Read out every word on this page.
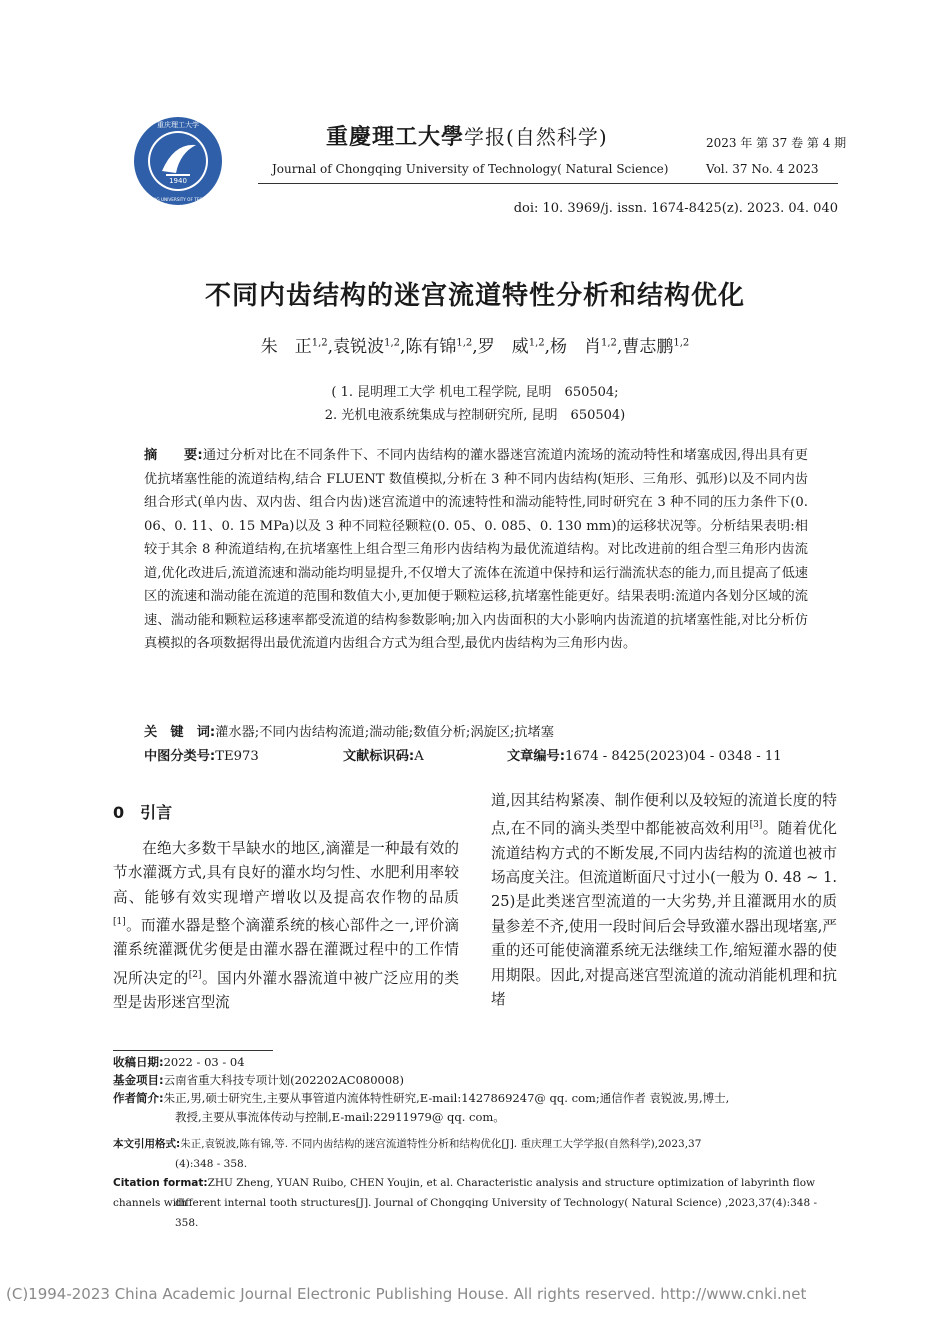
1940
重庆理工大学
CHONGQING UNIVERSITY OF TECHNOLOGY
重慶理工大學学报(自然科学)
Journal of Chongqing University of Technology( Natural Science)
2023 年 第 37 卷 第 4 期
Vol. 37 No. 4 2023
doi: 10. 3969/j. issn. 1674-8425(z). 2023. 04. 040
不同内齿结构的迷宫流道特性分析和结构优化
朱　正$^{1,2}$,袁锐波$^{1,2}$,陈有锦$^{1,2}$,罗　威$^{1,2}$,杨　肖$^{1,2}$,曹志鹏$^{1,2}$
( 1. 昆明理工大学 机电工程学院, 昆明　650504;
2. 光机电液系统集成与控制研究所, 昆明　650504)
摘　　要:通过分析对比在不同条件下、不同内齿结构的灌水器迷宫流道内流场的流动特性和堵塞成因,得出具有更优抗堵塞性能的流道结构,结合 FLUENT 数值模拟,分析在 3 种不同内齿结构(矩形、三角形、弧形)以及不同内齿组合形式(单内齿、双内齿、组合内齿)迷宫流道中的流速特性和湍动能特性,同时研究在 3 种不同的压力条件下(0. 06、0. 11、0. 15 MPa)以及 3 种不同粒径颗粒(0. 05、0. 085、0. 130 mm)的运移状况等。分析结果表明:相较于其余 8 种流道结构,在抗堵塞性上组合型三角形内齿结构为最优流道结构。对比改进前的组合型三角形内齿流道,优化改进后,流道流速和湍动能均明显提升,不仅增大了流体在流道中保持和运行湍流状态的能力,而且提高了低速区的流速和湍动能在流道的范围和数值大小,更加便于颗粒运移,抗堵塞性能更好。结果表明:流道内各划分区域的流速、湍动能和颗粒运移速率都受流道的结构参数影响;加入内齿面积的大小影响内齿流道的抗堵塞性能,对比分析仿真模拟的各项数据得出最优流道内齿组合方式为组合型,最优内齿结构为三角形内齿。
关　键　词:灌水器;不同内齿结构流道;湍动能;数值分析;涡旋区;抗堵塞
中图分类号:TE973	文献标识码:A	文章编号:1674 - 8425(2023)04 - 0348 - 11
0　引言
在绝大多数干旱缺水的地区,滴灌是一种最有效的节水灌溉方式,具有良好的灌水均匀性、水肥利用率较高、能够有效实现增产增收以及提高农作物的品质[1]。而灌水器是整个滴灌系统的核心部件之一,评价滴灌系统灌溉优劣便是由灌水器在灌溉过程中的工作情况所决定的[2]。国内外灌水器流道中被广泛应用的类型是齿形迷宫型流
道,因其结构紧凑、制作便利以及较短的流道长度的特点,在不同的滴头类型中都能被高效利用[3]。随着优化流道结构方式的不断发展,不同内齿结构的流道也被市场高度关注。但流道断面尺寸过小(一般为 0. 48 ~ 1. 25)是此类迷宫型流道的一大劣势,并且灌溉用水的质量参差不齐,使用一段时间后会导致灌水器出现堵塞,严重的还可能使滴灌系统无法继续工作,缩短灌水器的使用期限。因此,对提高迷宫型流道的流动消能机理和抗堵
收稿日期:2022 - 03 - 04
基金项目:云南省重大科技专项计划(202202AC080008)
作者简介:朱正,男,硕士研究生,主要从事管道内流体特性研究,E-mail:1427869247@ qq. com;通信作者 袁锐波,男,博士,
教授,主要从事流体传动与控制,E-mail:22911979@ qq. com。
本文引用格式:朱正,袁锐波,陈有锦,等. 不同内齿结构的迷宫流道特性分析和结构优化[J]. 重庆理工大学学报(自然科学),2023,37
(4):348 - 358.
Citation format:ZHU Zheng, YUAN Ruibo, CHEN Youjin, et al. Characteristic analysis and structure optimization of labyrinth flow channels with
different internal tooth structures[J]. Journal of Chongqing University of Technology( Natural Science) ,2023,37(4):348 - 358.
(C)1994-2023 China Academic Journal Electronic Publishing House. All rights reserved. http://www.cnki.net
